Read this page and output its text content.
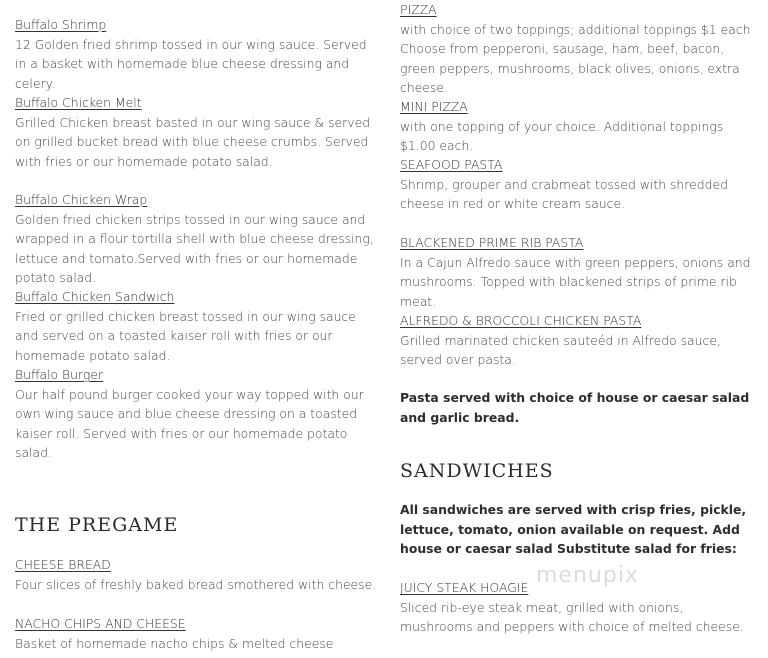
Buffalo Shrimp
12 Golden fried shrimp tossed in our wing sauce. Served in a basket with homemade blue cheese dressing and celery.
Buffalo Chicken Melt
Grilled Chicken breast basted in our wing sauce & served on grilled bucket bread with blue cheese crumbs. Served with fries or our homemade potato salad.
Buffalo Chicken Wrap
Golden fried chicken strips tossed in our wing sauce and wrapped in a flour tortilla shell with blue cheese dressing, lettuce and tomato.Served with fries or our homemade potato salad.
Buffalo Chicken Sandwich
Fried or grilled chicken breast tossed in our wing sauce and served on a toasted kaiser roll with fries or our homemade potato salad.
Buffalo Burger
Our half pound burger cooked your way topped with our own wing sauce and blue cheese dressing on a toasted kaiser roll. Served with fries or our homemade potato salad.
THE PREGAME
CHEESE BREAD
Four slices of freshly baked bread smothered with cheese.
NACHO CHIPS AND CHEESE
Basket of homemade nacho chips & melted cheese
PIZZA
with choice of two toppings; additional toppings $1 each Choose from pepperoni, sausage, ham, beef, bacon, green peppers, mushrooms, black olives, onions, extra cheese.
MINI PIZZA
with one topping of your choice. Additional toppings $1.00 each.
SEAFOOD PASTA
Shrimp, grouper and crabmeat tossed with shredded cheese in red or white cream sauce.
BLACKENED PRIME RIB PASTA
In a Cajun Alfredo sauce with green peppers, onions and mushrooms. Topped with blackened strips of prime rib meat.
ALFREDO & BROCCOLI CHICKEN PASTA
Grilled marinated chicken sauteéd in Alfredo sauce, served over pasta.
Pasta served with choice of house or caesar salad and garlic bread.
SANDWICHES
All sandwiches are served with crisp fries, pickle, lettuce, tomato, onion available on request. Add house or caesar salad Substitute salad for fries:
JUICY STEAK HOAGIE
Sliced rib-eye steak meat, grilled with onions, mushrooms and peppers with choice of melted cheese.
menupix
